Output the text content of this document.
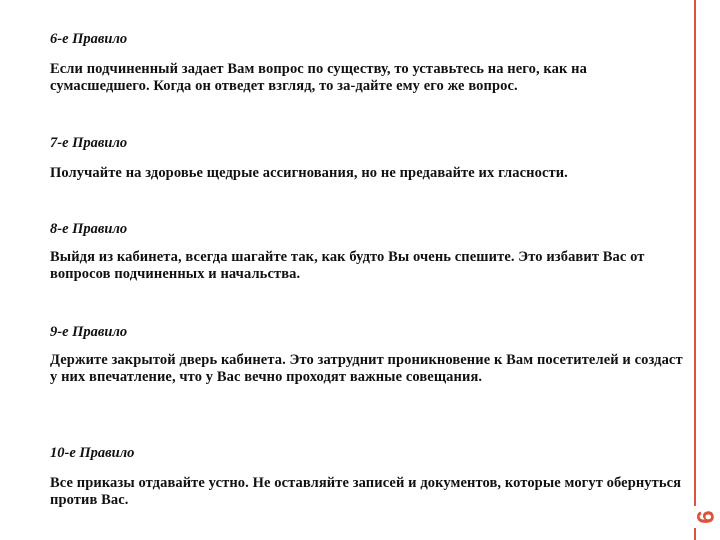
6-е Правило
Если подчиненный задает Вам вопрос по существу, то уставьтесь на него, как на сумасшедшего. Когда он отведет взгляд, то за-дайте ему его же вопрос.
7-е Правило
Получайте на здоровье щедрые ассигнования, но не предавайте их гласности.
8-е Правило
Выйдя из кабинета, всегда шагайте так, как будто Вы очень спешите. Это избавит Вас от вопросов подчиненных и начальства.
9-е Правило
Держите закрытой дверь кабинета. Это затруднит проникновение к Вам посетителей и создаст у них впечатление, что у Вас вечно проходят важные совещания.
10-е Правило
Все приказы отдавайте устно. Не оставляйте записей и документов, которые могут обернуться против Вас.
9
